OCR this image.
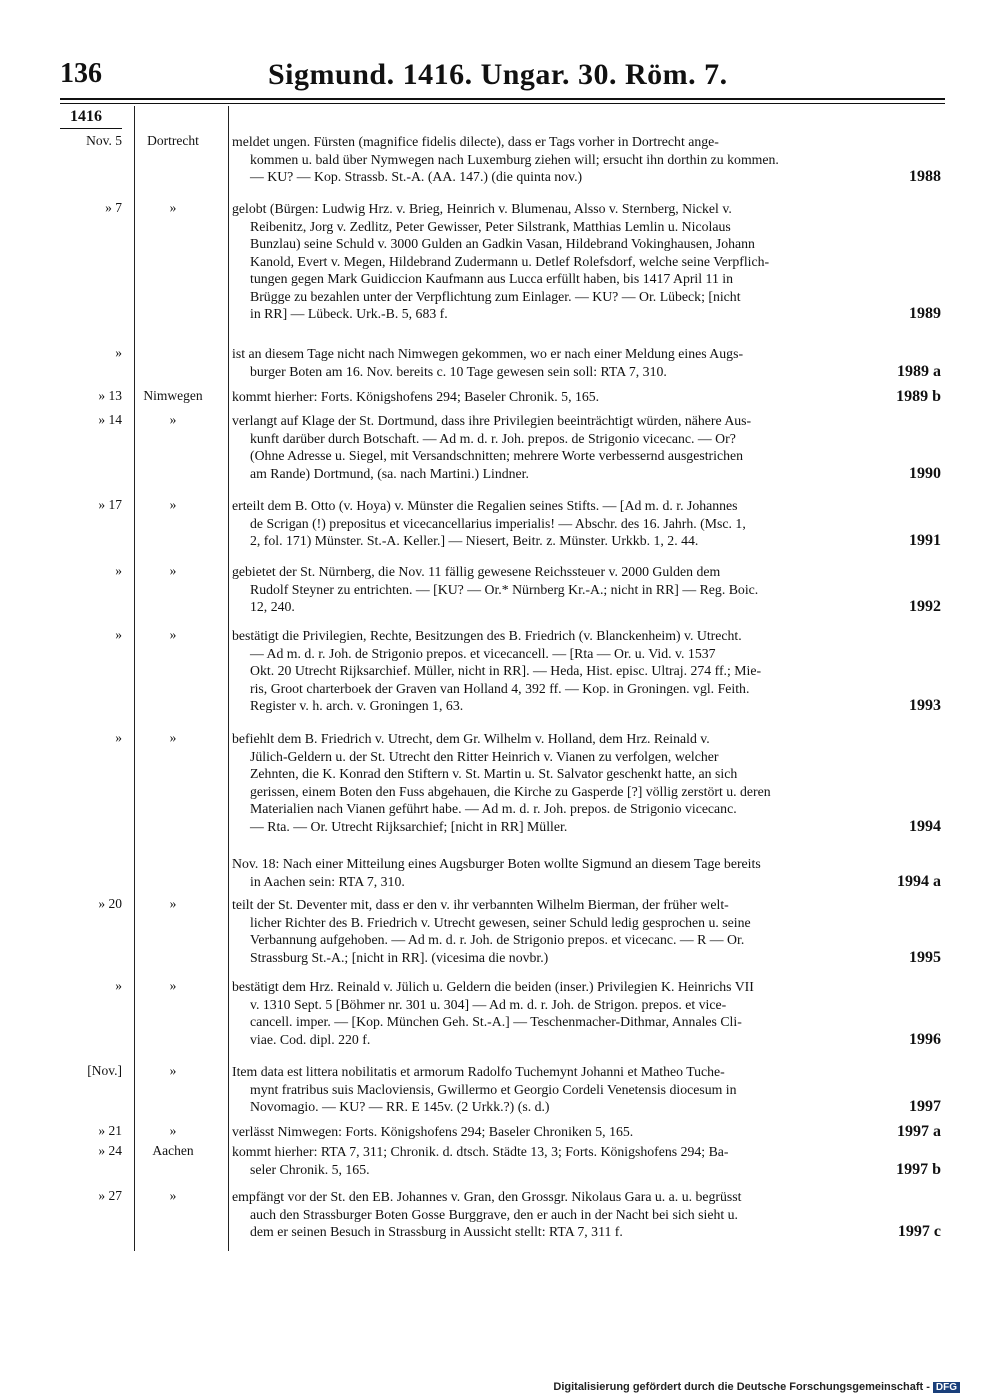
136	Sigmund. 1416. Ungar. 30. Röm. 7.
1416
Nov. 5	Dortrecht	meldet ungen. Fürsten (magnifice fidelis dilecte), dass er Tags vorher in Dortrecht ange-
kommen u. bald über Nymwegen nach Luxemburg ziehen will; ersucht ihn dorthin zu kommen.
— KU? — Kop. Strassb. St.-A. (AA. 147.) (die quinta nov.)	1988
» 7	»	gelobt (Bürgen: Ludwig Hrz. v. Brieg, Heinrich v. Blumenau, Alsso v. Sternberg, Nickel v.
Reibenitz, Jorg v. Zedlitz, Peter Gewisser, Peter Silstrank, Matthias Lemlin u. Nicolaus
Bunzlau) seine Schuld v. 3000 Gulden an Gadkin Vasan, Hildebrand Vokinghausen, Johann
Kanold, Evert v. Megen, Hildebrand Zudermann u. Detlef Rolefsdorf, welche seine Verpflich-
tungen gegen Mark Guidiccion Kaufmann aus Lucca erfüllt haben, bis 1417 April 11 in
Brügge zu bezahlen unter der Verpflichtung zum Einlager. — KU? — Or. Lübeck; [nicht
in RR] — Lübeck. Urk.-B. 5, 683 f.	1989
»	ist an diesem Tage nicht nach Nimwegen gekommen, wo er nach einer Meldung eines Augs-
burger Boten am 16. Nov. bereits c. 10 Tage gewesen sein soll: RTA 7, 310.	1989 a
» 13	Nimwegen	kommt hierher: Forts. Königshofens 294; Baseler Chronik. 5, 165.	1989 b
» 14	»	verlangt auf Klage der St. Dortmund, dass ihre Privilegien beeinträchtigt würden, nähere Aus-
kunft darüber durch Botschaft. — Ad m. d. r. Joh. prepos. de Strigonio vicecanc. — Or?
(Ohne Adresse u. Siegel, mit Versandschnitten; mehrere Worte verbessernd ausgestrichen
am Rande) Dortmund, (sa. nach Martini.) Lindner.	1990
» 17	»	erteilt dem B. Otto (v. Hoya) v. Münster die Regalien seines Stifts. — [Ad m. d. r. Johannes
de Scrigan (!) prepositus et vicecancellarius imperialis! — Abschr. des 16. Jahrh. (Msc. 1,
2, fol. 171) Münster. St.-A. Keller.] — Niesert, Beitr. z. Münster. Urkkb. 1, 2. 44.	1991
»	»	gebietet der St. Nürnberg, die Nov. 11 fällig gewesene Reichssteuer v. 2000 Gulden dem
Rudolf Steyner zu entrichten. — [KU? — Or.* Nürnberg Kr.-A.; nicht in RR] — Reg. Boic.
12, 240.	1992
»	»	bestätigt die Privilegien, Rechte, Besitzungen des B. Friedrich (v. Blanckenheim) v. Utrecht.
— Ad m. d. r. Joh. de Strigonio prepos. et vicecancell. — [Rta — Or. u. Vid. v. 1537
Okt. 20 Utrecht Rijksarchief. Müller, nicht in RR]. — Heda, Hist. episc. Ultraj. 274 ff.; Mie-
ris, Groot charterboek der Graven van Holland 4, 392 ff. — Kop. in Groningen. vgl. Feith.
Register v. h. arch. v. Groningen 1, 63.	1993
»	»	befiehlt dem B. Friedrich v. Utrecht, dem Gr. Wilhelm v. Holland, dem Hrz. Reinald v.
Jülich-Geldern u. der St. Utrecht den Ritter Heinrich v. Vianen zu verfolgen, welcher
Zehnten, die K. Konrad den Stiftern v. St. Martin u. St. Salvator geschenkt hatte, an sich
gerissen, einem Boten den Fuss abgehauen, die Kirche zu Gasperde [?] völlig zerstört u. deren
Materialien nach Vianen geführt habe. — Ad m. d. r. Joh. prepos. de Strigonio vicecanc.
— Rta. — Or. Utrecht Rijksarchief; [nicht in RR] Müller.	1994
Nov. 18: Nach einer Mitteilung eines Augsburger Boten wollte Sigmund an diesem Tage bereits
in Aachen sein: RTA 7, 310.	1994 a
» 20	»	teilt der St. Deventer mit, dass er den v. ihr verbannten Wilhelm Bierman, der früher welt-
licher Richter des B. Friedrich v. Utrecht gewesen, seiner Schuld ledig gesprochen u. seine
Verbannung aufgehoben. — Ad m. d. r. Joh. de Strigonio prepos. et vicecanc. — R — Or.
Strassburg St.-A.; [nicht in RR]. (vicesima die novbr.)	1995
»	»	bestätigt dem Hrz. Reinald v. Jülich u. Geldern die beiden (inser.) Privilegien K. Heinrichs VII
v. 1310 Sept. 5 [Böhmer nr. 301 u. 304] — Ad m. d. r. Joh. de Strigon. prepos. et vice-
cancell. imper. — [Kop. München Geh. St.-A.] — Teschenmacher-Dithmar, Annales Cli-
viae. Cod. dipl. 220 f.	1996
[Nov.]	»	Item data est littera nobilitatis et armorum Radolfo Tuchemynt Johanni et Matheo Tuche-
mynt fratribus suis Macloviensis, Gwillermo et Georgio Cordeli Venetensis diocesum in
Novomagio. — KU? — RR. E 145v. (2 Urkk.?) (s. d.)	1997
» 21	»	verlässt Nimwegen: Forts. Königshofens 294; Baseler Chroniken 5, 165.	1997 a
» 24	Aachen	kommt hierher: RTA 7, 311; Chronik. d. dtsch. Städte 13, 3; Forts. Königshofens 294; Ba-
seler Chronik. 5, 165.	1997 b
» 27	»	empfängt vor der St. den EB. Johannes v. Gran, den Grossgr. Nikolaus Gara u. a. u. begrüsst
auch den Strassburger Boten Gosse Burggrave, den er auch in der Nacht bei sich sieht u.
dem er seinen Besuch in Strassburg in Aussicht stellt: RTA 7, 311 f.	1997 c
Digitalisierung gefördert durch die Deutsche Forschungsgemeinschaft - DFG
